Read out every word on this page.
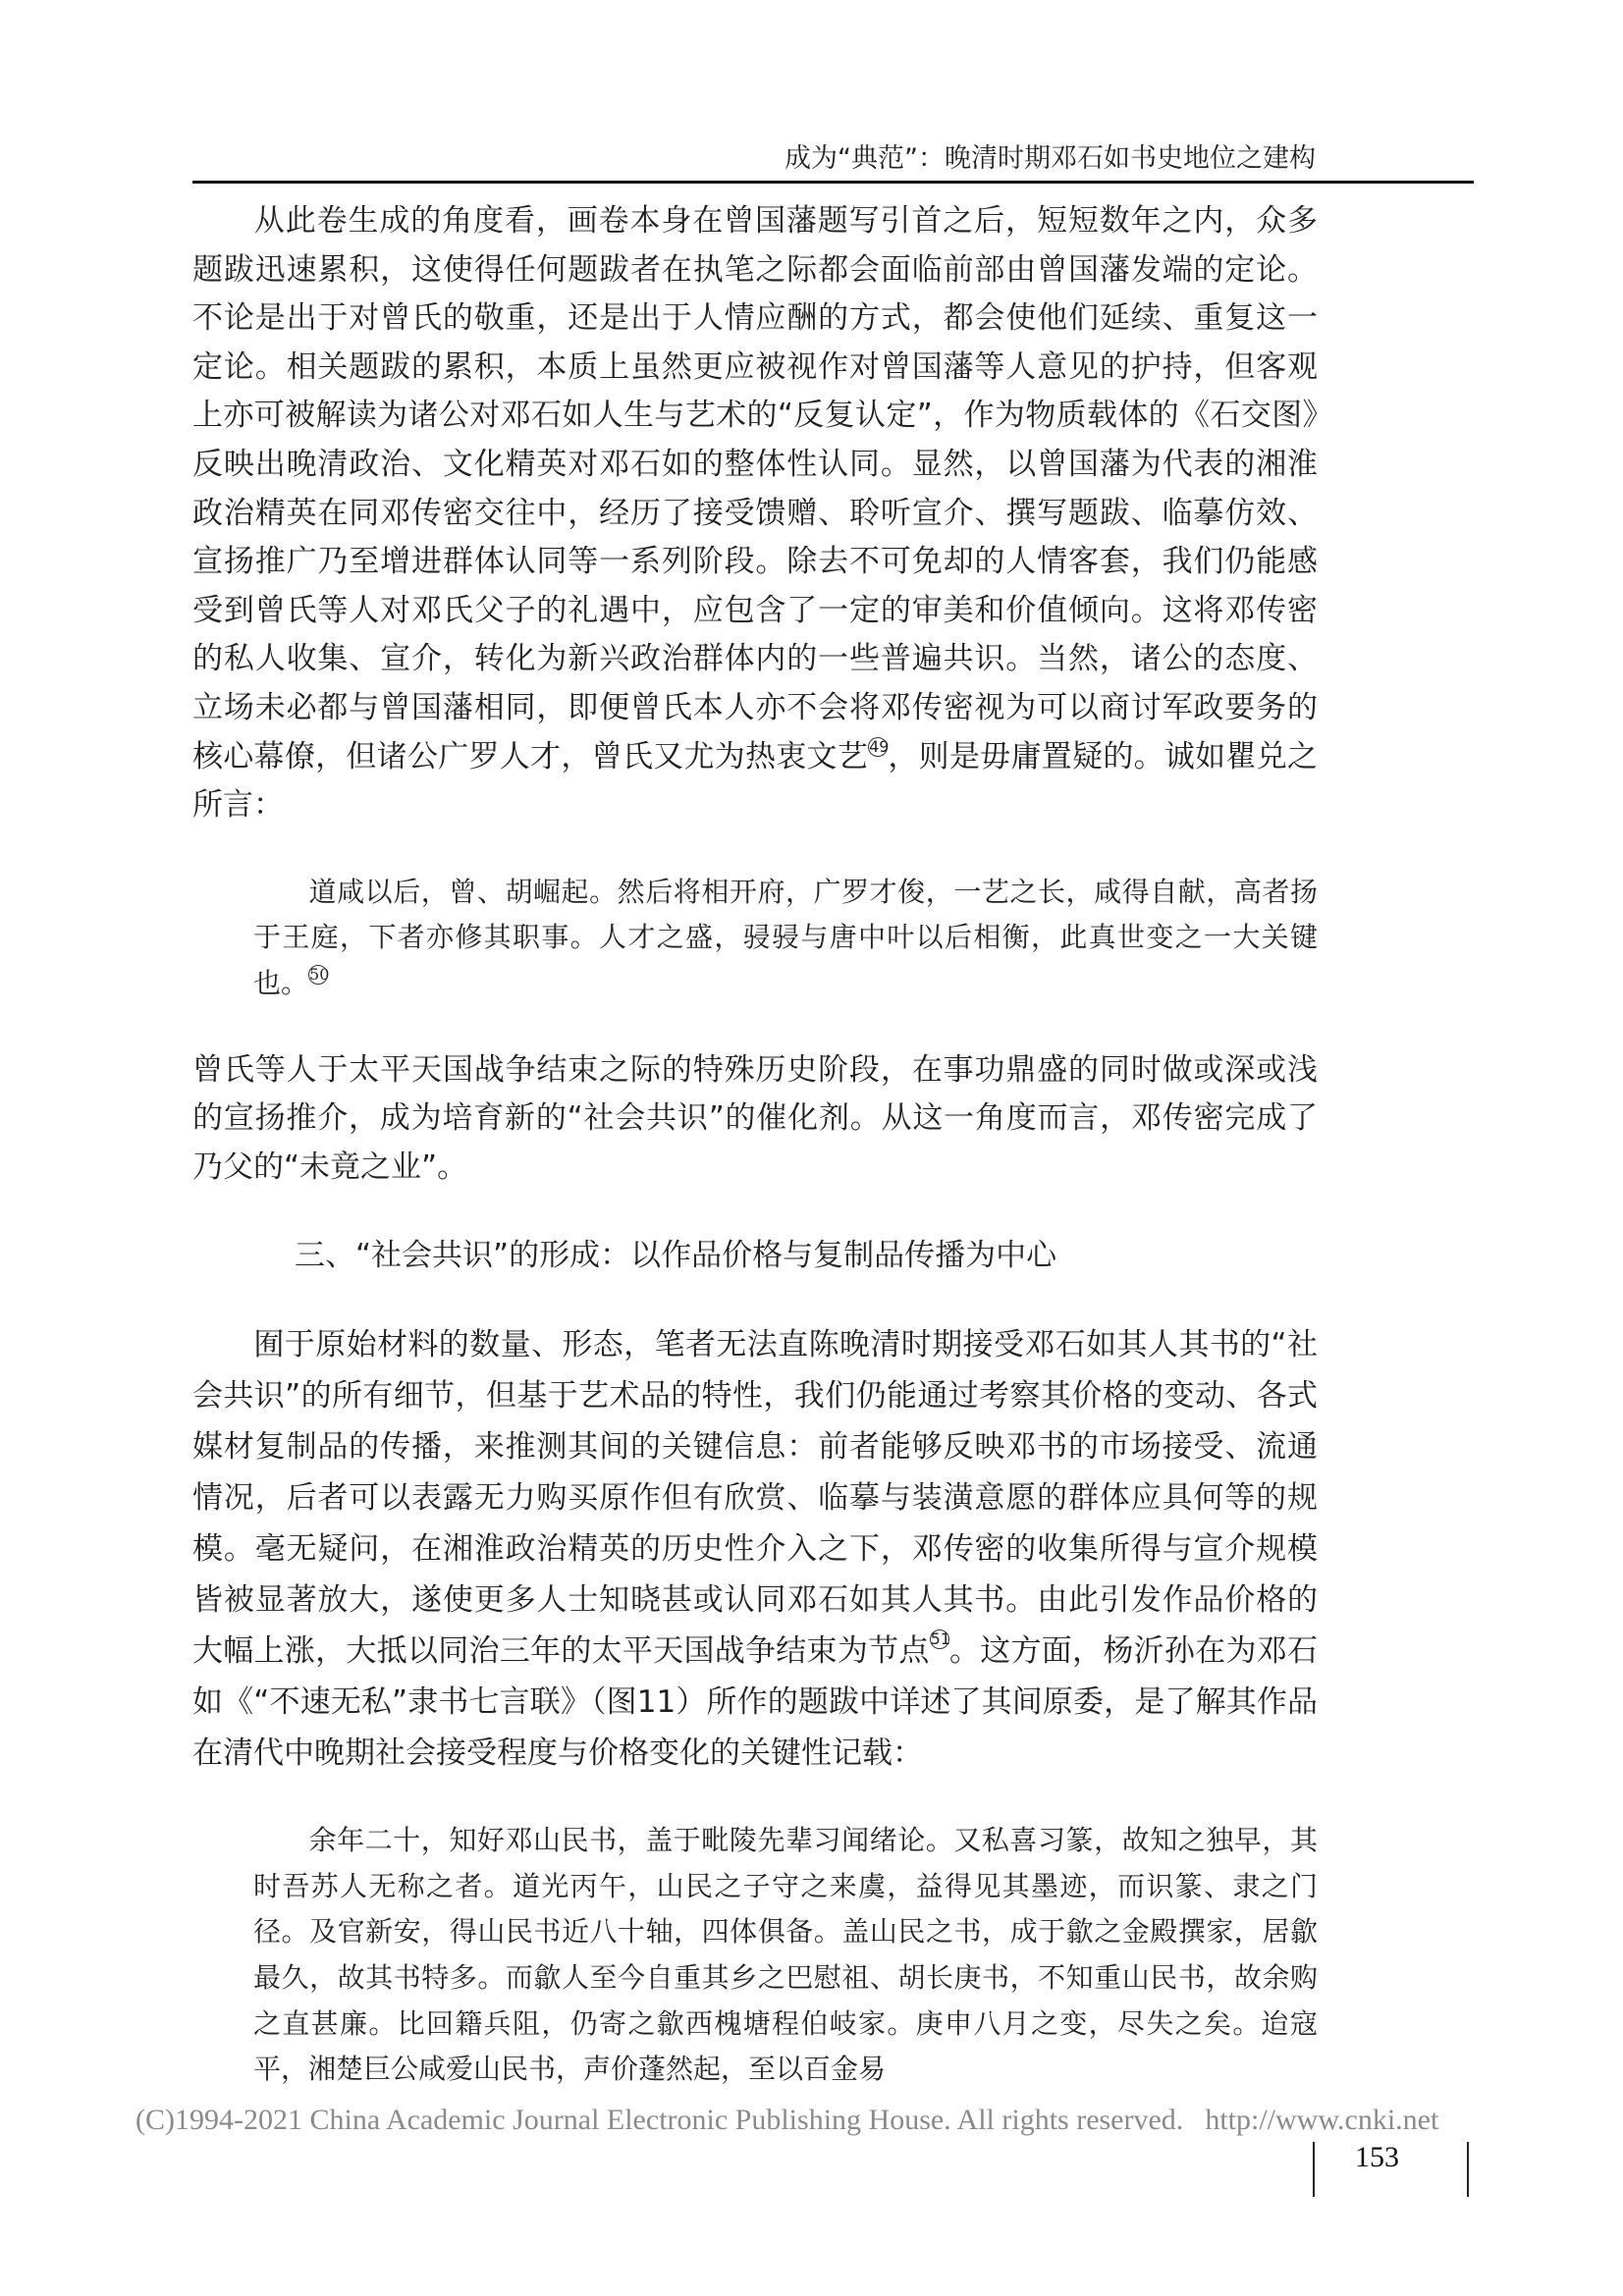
成为“典范”：晚清时期邓石如书史地位之建构
从此卷生成的角度看，画卷本身在曾国藩题写引首之后，短短数年之内，众多题跋迅速累积，这使得任何题跋者在执笔之际都会面临前部由曾国藩发端的定论。不论是出于对曾氏的敬重，还是出于人情应酬的方式，都会使他们延续、重复这一定论。相关题跋的累积，本质上虽然更应被视作对曾国藩等人意见的护持，但客观上亦可被解读为诸公对邓石如人生与艺术的“反复认定”，作为物质载体的《石交图》反映出晚清政治、文化精英对邓石如的整体性认同。显然，以曾国藩为代表的湘淮政治精英在同邓传密交往中，经历了接受馈赠、聆听宣介、撰写题跋、临摹仿效、宣扬推广乃至增进群体认同等一系列阶段。除去不可免却的人情客套，我们仍能感受到曾氏等人对邓氏父子的礼遇中，应包含了一定的审美和价值倾向。这将邓传密的私人收集、宣介，转化为新兴政治群体内的一些普遍共识。当然，诸公的态度、立场未必都与曾国藩相同，即便曾氏本人亦不会将邓传密视为可以商讨军政要务的核心幕僚，但诸公广罗人才，曾氏又尤为热衷文艺$^{49}$，则是毋庸置疑的。诚如瞿兑之所言：
道咸以后，曾、胡崛起。然后将相开府，广罗才俊，一艺之长，咸得自献，高者扬于王庭，下者亦修其职事。人才之盛，骎骎与唐中叶以后相衡，此真世变之一大关键也。$^{50}$
曾氏等人于太平天国战争结束之际的特殊历史阶段，在事功鼎盛的同时做或深或浅的宣扬推介，成为培育新的“社会共识”的催化剂。从这一角度而言，邓传密完成了乃父的“未竟之业”。
三、“社会共识”的形成：以作品价格与复制品传播为中心
囿于原始材料的数量、形态，笔者无法直陈晚清时期接受邓石如其人其书的“社会共识”的所有细节，但基于艺术品的特性，我们仍能通过考察其价格的变动、各式媒材复制品的传播，来推测其间的关键信息：前者能够反映邓书的市场接受、流通情况，后者可以表露无力购买原作但有欣赏、临摹与装潢意愿的群体应具何等的规模。毫无疑问，在湘淮政治精英的历史性介入之下，邓传密的收集所得与宣介规模皆被显著放大，遂使更多人士知晓甚或认同邓石如其人其书。由此引发作品价格的大幅上涨，大抵以同治三年的太平天国战争结束为节点$^{51}$。这方面，杨沂孙在为邓石如《“不速无私”隶书七言联》（图11）所作的题跋中详述了其间原委，是了解其作品在清代中晚期社会接受程度与价格变化的关键性记载：
余年二十，知好邓山民书，盖于毗陵先辈习闻绪论。又私喜习篆，故知之独早，其时吾苏人无称之者。道光丙午，山民之子守之来虞，益得见其墨迹，而识篆、隶之门径。及官新安，得山民书近八十轴，四体俱备。盖山民之书，成于歙之金殿撰家，居歙最久，故其书特多。而歙人至今自重其乡之巴慰祖、胡长庚书，不知重山民书，故余购之直甚廉。比回籍兵阻，仍寄之歙西槐塘程伯岐家。庚申八月之变，尽失之矣。迨寇平，湘楚巨公咸爱山民书，声价蓬然起，至以百金易
(C)1994-2021 China Academic Journal Electronic Publishing House. All rights reserved. http://www.cnki.net
153
